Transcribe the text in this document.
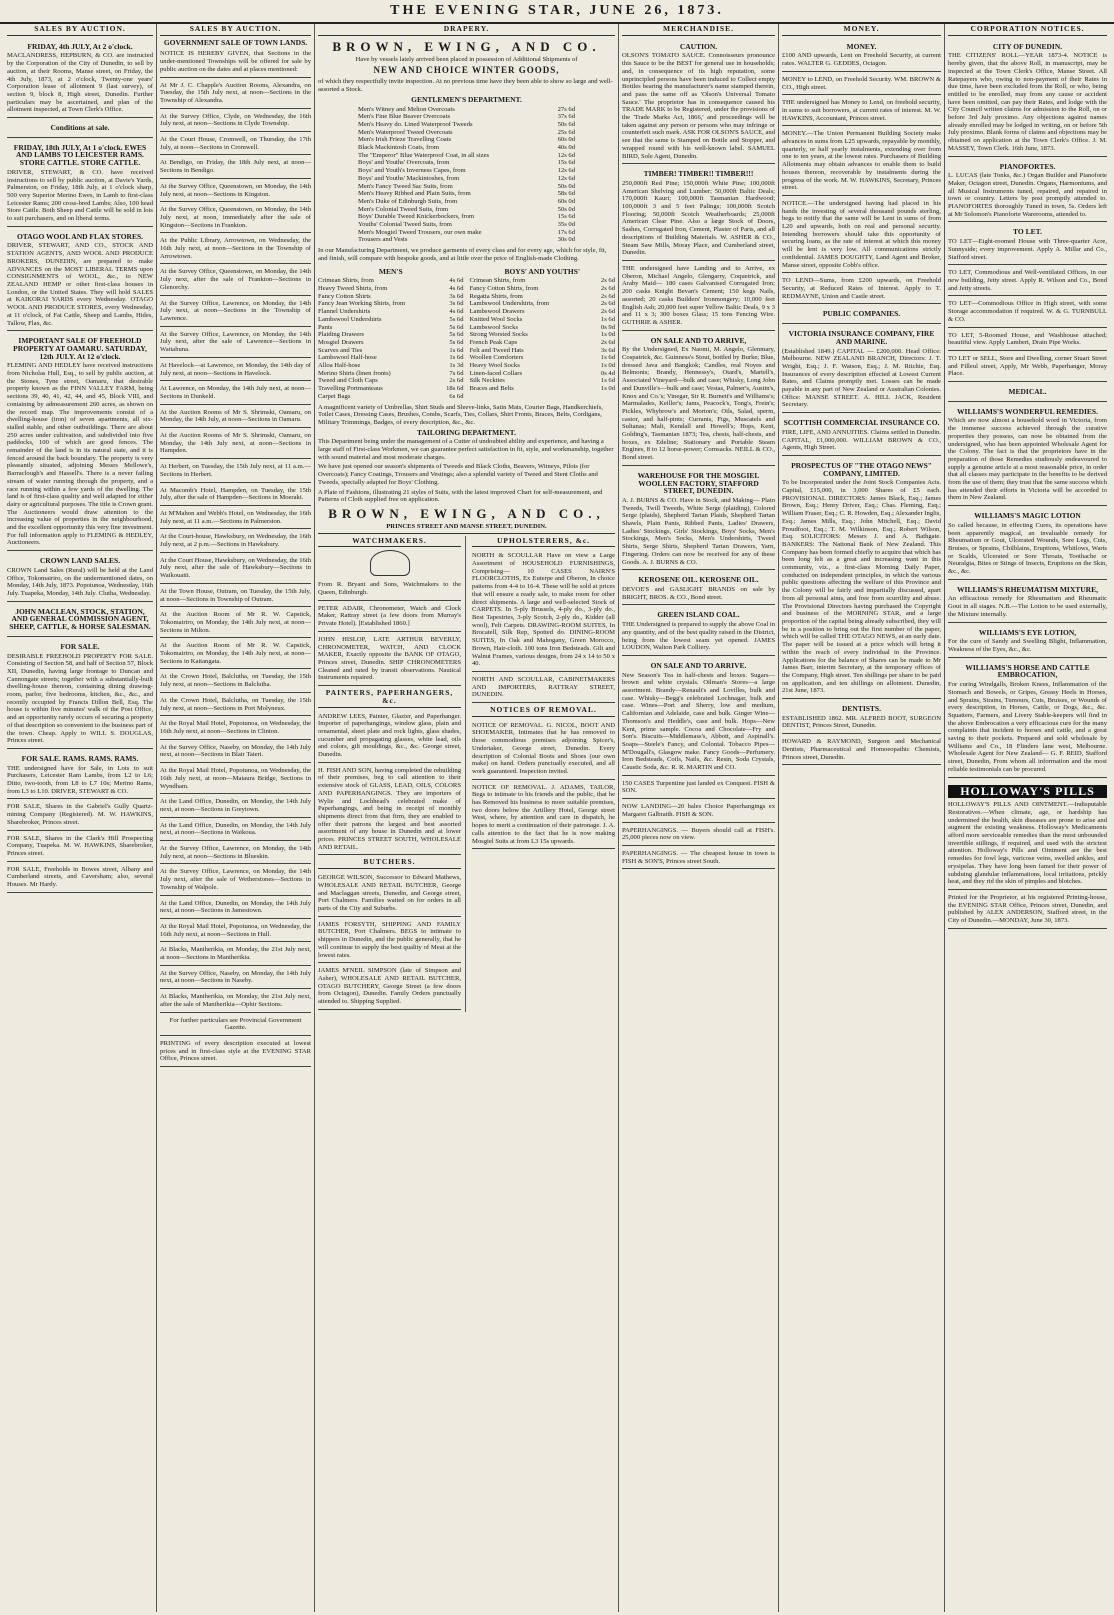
THE EVENING STAR, JUNE 26, 1873.
SALES BY AUCTION.
FRIDAY, 4th JULY, At 2 o'clock.
MACLANDRESS, HEPBURN, & CO. are instructed by the Corporation of the City of Dunedin, to sell by auction, at their Rooms, Manse street, on Friday, the 4th July, 1873, at 2 o'clock, Twenty-one years' Corporation lease of allotment 9 (last survey), of section 9, block 8, High street, Dunedin. Further particulars may be ascertained, and plan of the allotment inspected, at Town Clerk's Office.
Conditions at sale.
FRIDAY, 18th JULY, At 1 o'clock. EWES AND LAMBS TO LEICESTER RAMS. STORE CATTLE. STORE CATTLE.
DRIVER, STEWART, & CO. have received instructions to sell by public auction, at Davie's Yards, Palmerston, on Friday, 18th July, at 1 o'clock sharp, 500 very Superior Merino Ewes, in Lamb to first-class Leicester Rams; 200 cross-bred Lambs; Also, 100 head Store Cattle. Both Sheep and Cattle will be sold in lots to suit purchasers, and on liberal terms.
OTAGO WOOL AND FLAX STORES.
DRIVER, STEWART, AND CO., STOCK AND STATION AGENTS, AND WOOL AND PRODUCE BROKERS, DUNEDIN, are prepared to make ADVANCES on the MOST LIBERAL TERMS upon CONSIGNMENTS of WOOL, &c., to NEW ZEALAND HEMP or other first-class houses in London, or the United States. They will hold SALES at KAIKORAI YARDS every Wednesday. OTAGO WOOL AND PRODUCE STORES, every Wednesday, at 11 o'clock, of Fat Cattle, Sheep and Lambs, Hides, Tallow, Flax, &c.
IMPORTANT SALE OF FREEHOLD PROPERTY AT OAMARU. SATURDAY, 12th JULY. At 12 o'clock.
FLEMING AND HEDLEY have received instructions from Nicholas Hull, Esq., to sell by public auction, at the Stones, Tyne street, Oamaru, that desirable property known as the FINN VALLEY FARM, being sections 39, 40, 41, 42, 44, and 45, Block VIII, and containing by admeasurement 260 acres, as shown on the record map. The improvements consist of a dwelling-house (iron) of seven apartments, all six-stalled stable, and other outbuildings. There are about 250 acres under cultivation, and subdivided into five paddocks, 100 of which are good fences. The remainder of the land is in its natural state, and it is fenced around the back boundary. The property is very pleasantly situated, adjoining Messrs Mellowe's, Barraclough's and Hassell's. There is a never failing stream of water running through the property, and a race running within a few yards of the dwelling. The land is of first-class quality and well adapted for either dairy or agricultural purposes. The title is Crown grant. The Auctioneers would draw attention to the increasing value of properties in the neighbourhood, and the excellent opportunity this very fine investment. For full information apply to FLEMING & HEDLEY, Auctioneers.
CROWN LAND SALES.
CROWN Land Sales (Rural) will be held at the Land Office, Tokomairiro, on the undermentioned dates, on Monday, 14th July, 1873. Popotunoa, Wednesday, 16th July. Tuapeka, Monday, 14th July. Clutha, Wednesday.
JOHN MACLEAN, STOCK, STATION, AND GENERAL COMMISSION AGENT, SHEEP, CATTLE, & HORSE SALESMAN.
FOR SALE.
DESIRABLE FREEHOLD PROPERTY FOR SALE. Consisting of Section 58, and half of Section 57, Block XII, Dunedin, having large frontage to Duncan and Cannongate streets; together with a substantially-built dwelling-house thereon, containing dining drawing-room, parlor, five bedrooms, kitchen, &c., &c., and recently occupied by Francis Dillon Bell, Esq. The house is within five minutes' walk of the Post Office, and an opportunity rarely occurs of securing a property of that description so convenient to the business part of the town. Cheap. Apply to WILL S. DOUGLAS, Princes street.
FOR SALE. RAMS. RAMS. RAMS.
THE undersigned have for Sale, in Lots to suit Purchasers, Leicester Ram Lambs, from L2 to L6; Ditto, two-tooth, from L8 to L7 10s; Merino Rams, from L3 to L10. DRIVER, STEWART & CO.
FOR SALE, Shares in the Gabriel's Gully Quartz-mining Company (Registered). M. W. HAWKINS, Sharebroker, Princes street.
FOR SALE, Shares in the Clark's Hill Prospecting Company, Tuapeka. M. W. HAWKINS, Sharebroker, Princes street.
FOR SALE, Freeholds in Bowes street, Albany and Cumberland streets, and Caversham; also, several Houses. Mr Hardy.
SALES BY AUCTION.
GOVERNMENT SALE OF TOWN LANDS.
NOTICE IS HEREBY GIVEN, that Sections in the under-mentioned Townships will be offered for sale by public auction on the dates and at places mentioned:
At Mr J. C. Chapple's Auction Rooms, Alexandra, on Tuesday, the 15th July next, at noon—Sections in the Township of Alexandra.
At the Survey Office, Clyde, on Wednesday, the 16th July next, at noon—Sections in Clyde Township.
At the Court House, Cromwell, on Thursday, the 17th July, at noon—Sections in Cromwell.
At Bendigo, on Friday, the 18th July next, at noon—Sections in Bendigo.
At the Survey Office, Queenstown, on Monday, the 14th July next, at noon—Sections in Kingston.
At the Survey Office, Queenstown, on Monday, the 14th July next, at noon, immediately after the sale of Kingston—Sections in Frankton.
At the Public Library, Arrowtown, on Wednesday, the 16th July next, at noon—Sections in the Township of Arrowtown.
At the Survey Office, Queenstown, on Monday, the 14th July next, after the sale of Frankton—Sections in Glenorchy.
At the Survey Office, Lawrence, on Monday, the 14th July next, at noon—Sections in the Township of Lawrence.
At the Survey Office, Lawrence, on Monday, the 14th July next, after the sale of Lawrence—Sections in Waitahuna.
At Havelock—at Lawrence, on Monday, the 14th day of July next, at noon—Sections in Havelock.
At Lawrence, on Monday, the 14th July next, at noon—Sections in Dunkeld.
At the Auction Rooms of Mr S. Shrimski, Oamaru, on Monday, the 14th July, at noon—Sections in Oamaru.
At the Auction Rooms of Mr S. Shrimski, Oamaru, on Monday, the 14th July next, at noon—Sections in Hampden.
At Herbert, on Tuesday, the 15th July next, at 11 a.m.—Sections in Herbert.
At Macomb's Hotel, Hampden, on Tuesday, the 15th July, after the sale of Hampden—Sections in Moeraki.
At M'Mahon and Webb's Hotel, on Wednesday, the 16th July next, at 11 a.m.—Sections in Palmerston.
At the Court-house, Hawksbury, on Wednesday, the 16th July next, at 2 p.m.—Sections in Hawksbury.
At the Court House, Hawksbury, on Wednesday, the 16th July next, after the sale of Hawksbury—Sections in Waikouaiti.
At the Town House, Outram, on Tuesday, the 15th July, at noon—Sections in Township of Outram.
At the Auction Room of Mr R. W. Capstick, Tokomairiro, on Monday, the 14th July next, at noon—Sections in Milton.
At the Auction Room of Mr R. W. Capstick, Tokomairiro, on Monday, the 14th July next, at noon—Sections in Kaitangata.
At the Crown Hotel, Balclutha, on Tuesday, the 15th July next, at noon—Sections in Balclutha.
At the Crown Hotel, Balclutha, on Tuesday, the 15th July next, at noon—Sections in Port Molyneux.
At the Royal Mail Hotel, Popotunoa, on Wednesday, the 16th July next, at noon—Sections in Clinton.
At the Survey Office, Naseby, on Monday, the 14th July next, at noon—Sections in Blair Taieri.
At the Royal Mail Hotel, Popotunoa, on Wednesday, the 16th July next, at noon—Mataura Bridge, Sections in Wyndham.
At the Land Office, Dunedin, on Monday, the 14th July next, at noon—Sections in Greytown.
At the Land Office, Dunedin, on Monday, the 14th July next, at noon—Sections in Waikoua.
At the Survey Office, Lawrence, on Monday, the 14th July next, at noon—Sections in Blueskin.
At the Survey Office, Lawrence, on Monday, the 14th July next, after the sale of Wetherstones—Sections in Township of Walpole.
At the Land Office, Dunedin, on Monday, the 14th July next, at noon—Sections in Jamestown.
At the Royal Mail Hotel, Popotunoa, on Wednesday, the 16th July next, at noon—Sections in Hull.
At Blacks, Maniherikia, on Monday, the 21st July next, at noon—Sections in Maniherikia.
At the Survey Office, Naseby, on Monday, the 14th July next, at noon—Sections in Naseby.
At Blacks, Maniherikia, on Monday, the 21st July next, after the sale of Maniherikia—Ophir Sections.
For further particulars see Provincial Government Gazette.
PRINTING of every description executed at lowest prices and in first-class style at the EVENING STAR Office, Princes street.
DRAPERY.
BROWN, EWING, AND CO.
Have by vessels lately arrived been placed in possession of Additional Shipments of
NEW AND CHOICE WINTER GOODS,
of which they respectfully invite inspection. At no previous time have they been able to show so large and well-assorted a Stock.
GENTLEMEN'S DEPARTMENT.
Men's Witney and Melton Overcoats	27s 6d
Men's Fine Blue Beaver Overcoats	37s 6d
Men's Heavy do. Lined Waterproof Tweeds	50s 6d
Men's Waterproof Tweed Overcoats	25s 6d
Men's Irish Frieze Travelling Coats	60s 0d
Black Mackintosh Coats, from	40s 0d
The "Emperor" Blue Waterproof Coat, in all sizes	12s 6d
Boys' and Youths' Overcoats, from	15s 6d
Boys' and Youth's Inverness Capes, from	12s 6d
Boys' and Youths' Mackintoshes, from	12s 6d
Men's Fancy Tweed Sac Suits, from	50s 0d
Men's Heavy Ribbed and Plain Suits, from	58s 6d
Men's Duke of Edinburgh Suits, from	60s 0d
Men's Colonial Tweed Suits, from	50s 0d
Boys' Durable Tweed Knickerbockers, from	15s 6d
Youths' Colonial Tweed Suits, from	35s 0d
Men's Mosgiel Tweed Trousers, our own make	17s 6d
Trousers and Vests	30s 0d
In our Manufacturing Department, we produce garments of every class and for every age, which for style, fit, and finish, will compare with bespoke goods, and at little over the price of English-made Clothing.
MEN'S
Crimean Shirts, from	4s 6d
Heavy Tweed Shirts, from	4s 6d
Fancy Cotton Shirts	3s 6d
Fancy Jean Working Shirts, from	3s 6d
Flannel Undershirts	4s 6d
Lambswool Undershirts	5s 6d
Pants	5s 6d
Plaiding Drawers	5s 6d
Mosgiel Drawers	5s 6d
Scarves and Ties	1s 6d
Lambswool Half-hose	1s 6d
Alloa Half-hose	1s 3d
Merino Shirts (linen fronts)	7s 6d
Tweed and Cloth Caps	2s 6d
Travelling Portmanteaus	18s 6d
Carpet Bags	6s 6d
BOYS' AND YOUTHS'
Crimean Shirts, from	2s 6d
Fancy Cotton Shirts, from	2s 6d
Regatta Shirts, from	2s 6d
Lambswool Undershirts, from	2s 6d
Lambswool Drawers	2s 6d
Knitted Wool Socks	1s 6d
Lambswool Socks	0s 9d
Strong Worsted Socks	1s 0d
French Peak Caps	2s 6d
Felt and Tweed Hats	3s 6d
Woollen Comforters	1s 6d
Heavy Wool Socks	1s 0d
Linen-faced Collars	0s 4d
Silk Neckties	1s 6d
Braces and Belts	1s 0d
A magnificent variety of Umbrellas, Shirt Studs and Sleeve-links, Satin Mats, Courier Bags, Handkerchiefs, Toilet Cases, Dressing Cases, Brushes, Combs, Scarfs, Ties, Collars, Shirt Fronts, Braces, Belts, Cordigans, Military Trimmings, Badges, of every description, &c., &c.
TAILORING DEPARTMENT.
This Department being under the management of a Cutter of undoubted ability and experience, and having a large staff of First-class Workmen, we can guarantee perfect satisfaction in fit, style, and workmanship, together with sound material and most moderate charges.
We have just opened our season's shipments of Tweeds and Black Cloths, Beavers, Witneys, Pilots (for Overcoats); Fancy Coatings, Trousers and Vestings; also a splendid variety of Tweed and Stent Cloths and Tweeds, specially adapted for Boys' Clothing.
A Plate of Fashions, illustrating 21 styles of Suits, with the latest improved Chart for self-measurement, and Patterns of Cloth supplied free on application.
BROWN, EWING, AND CO.,
PRINCES STREET AND MANSE STREET, DUNEDIN.
WATCHMAKERS.
From R. Bryant and Sons, Watchmakers to the Queen, Edinburgh.
PETER ADAIR, Chronometer, Watch and Clock Maker, Rattray street (a few doors from Murray's Private Hotel). [Established 1860.]
JOHN HISLOP, LATE ARTHUR BEVERLY, CHRONOMETER, WATCH, AND CLOCK MAKER, Exactly opposite the BANK OF OTAGO, Princes street, Dunedin. SHIP CHRONOMETERS Cleaned and rated by transit observations. Nautical Instruments repaired.
PAINTERS, PAPERHANGERS, &c.
ANDREW LEES, Painter, Glazier, and Paperhanger. Importer of paperhangings, window glass, plain and ornamental, sheet plate and rock lights, glass shades, cucumber and propagating glasses, white lead, oils and colors, gilt mouldings, &c., &c. George street, Dunedin.
H. FISH AND SON, having completed the rebuilding of their premises, beg to call attention to their extensive stock of GLASS, LEAD, OILS, COLORS AND PAPERHANGINGS. They are importers of Wylie and Lochhead's celebrated make of Paperhangings, and being in receipt of monthly shipments direct from that firm, they are enabled to offer their patrons the largest and best assorted assortment of any house in Dunedin and at lower prices. PRINCES STREET SOUTH, WHOLESALE AND RETAIL.
BUTCHERS.
GEORGE WILSON, Successor to Edward Mathews, WHOLESALE AND RETAIL BUTCHER, George and Maclaggan streets, Dunedin, and George street, Port Chalmers. Families waited on for orders in all parts of the City and Suburbs.
JAMES FORSYTH, SHIPPING AND FAMILY BUTCHER, Port Chalmers. BEGS to intimate to shippers in Dunedin, and the public generally, that he will continue to supply the best quality of Meat at the lowest rates.
JAMES M'NEIL SIMPSON (late of Simpson and Asher), WHOLESALE AND RETAIL BUTCHER, OTAGO BUTCHERY, George Street (a few doors from Octagon), Dunedin. Family Orders punctually attended to. Shipping Supplied.
UPHOLSTERERS, &c.
NORTH & SCOULLAR Have on view a Large Assortment of HOUSEHOLD FURNISHINGS, Comprising— 10 CASES NAIRN'S FLOORCLOTHS, Ex Euterpe and Oberon, In choice patterns from 4-4 to 16-4. These will be sold at prices that will ensure a ready sale, to make room for other direct shipments. A large and well-selected Stock of CARPETS. In 5-ply Brussels, 4-ply do., 3-ply do., Best Tapestries, 3-ply Scotch, 2-ply do., Kidder (all wool), Felt Carpets. DRAWING-ROOM SUITES, In Brocatell, Silk Rep, Spotted do. DINING-ROOM SUITES, In Oak and Mahogany, Green Morocco, Brown, Hair-cloth. 100 tons Iron Bedsteads. Gilt and Walnut Frames, various designs, from 24 x 14 to 50 x 40.
NORTH AND SCOULLAR, CABINETMAKERS AND IMPORTERS, RATTRAY STREET, DUNEDIN.
NOTICES OF REMOVAL.
NOTICE OF REMOVAL. G. NICOL, BOOT AND SHOEMAKER, Intimates that he has removed to those commodious premises adjoining Spicer's, Undertaker, George street, Dunedin. Every description of Colonial Boots and Shoes (our own make) on hand. Orders punctually executed, and all work guaranteed. Inspection invited.
NOTICE OF REMOVAL. J. ADAMS, TAILOR, Begs to intimate to his friends and the public, that he has Removed his business to more suitable premises, two doors below the Artillery Hotel, George street West, where, by attention and care in dispatch, he hopes to merit a continuation of their patronage. J. A. calls attention to the fact that he is now making Mosgiel Suits at from L3 15s upwards.
MERCHANDISE.
CAUTION.
OLSON'S TOMATO SAUCE. Connoisseurs pronounce this Sauce to be the BEST for general use in households; and, in consequence of its high reputation, some unprincipled persons have been induced to Collect empty Bottles bearing the manufacturer's name stamped therein, and pass the same off as 'Olson's Universal Tomato Sauce.' The proprietor has in consequence caused his TRADE MARK to be Registered, under the provisions of the 'Trade Marks Act, 1866,' and proceedings will be taken against any person or persons who may infringe or counterfeit such mark. ASK FOR OLSON'S SAUCE, and see that the same is Stamped on Bottle and Stopper, and wrapped round with his well-known label. SAMUEL BIRD, Sole Agent, Dunedin.
TIMBER! TIMBER!! TIMBER!!!
250,000ft Red Pine; 150,000ft White Pine; 100,000ft American Shelving and Lumber; 50,000ft Baltic Deals; 170,000ft Kauri; 100,000ft Tasmanian Hardwood; 100,000ft 3 and 5 feet Palings; 100,000ft Scotch Flooring; 50,000ft Scotch Weatherboards; 25,000ft American Clear Pine. Also a large Stock of Doors, Sashes, Corrugated Iron, Cement, Plaster of Paris, and all descriptions of Building Materials. W. ASHER & CO., Steam Saw Mills, Moray Place, and Cumberland street, Dunedin.
THE undersigned have Landing and to Arrive, ex Oberon, Michael Angelo, Glengarry, Coquetrick, and Araby Maid— 180 cases Galvanised Corrugated Iron; 200 casks Knight Bevan's Cement; 150 kegs Nails, assorted; 20 casks Builders' Ironmongery; 10,000 feet English Ash; 20,000 feet super Yellow Baltic Deals, 9 x 3 and 11 x 3; 300 boxes Glass; 15 tons Fencing Wire. GUTHRIE & ASHER.
ON SALE AND TO ARRIVE,
By the Undersigned, Ex Naomi, M. Angelo, Glenmary, Cospatrick, &c. Guinness's Stout, bottled by Burke; Blue, dressed Java and Bangkok; Candles, real Noyes and Belmonts; Brandy, Hennessy's, Otard's, Martell's, Associated Vineyard—bulk and case; Whisky, Long John and Dunville's—bulk and case; Vestas, Palmer's, Austin's, Knox and Co.'s; Vinegar, Sir R. Burnett's and Williams's; Marmalades, Keiller's; Jams, Peacock's, Tong's, Frein's; Pickles, Whybrow's and Morton's; Oils, Salad, sperm, castor, and half-pints; Currants, Figs, Muscatels and Sultanas; Malt, Kendall and Howell's; Hops, Kent, Golding's, Tasmanian 1873; Tea, chests, half-chests, and boxes, ex Edeline; Stationary and Portable Steam Engines, 8 to 12 horse-power; Cornsacks. NEILL & CO., Bond street.
WAREHOUSE FOR THE MOSGIEL WOOLLEN FACTORY, STAFFORD STREET, DUNEDIN.
A. J. BURNS & CO. Have in Stock, and Making— Plain Tweeds, Twill Tweeds, White Serge (plaiding), Colored Serge (plaids), Shepherd Tartan Plaids, Shepherd Tartan Shawls, Plain Pants, Ribbed Pants, Ladies' Drawers, Ladies' Stockings, Girls' Stockings, Boys' Socks, Men's Stockings, Men's Socks, Men's Undershirts, Tweed Shirts, Serge Shirts, Shepherd Tartan Drawers, Yarn, Fingering. Orders can now be received for any of these Goods. A. J. BURNS & CO.
KEROSENE OIL. KEROSENE OIL.
DEVOE'S and GASLIGHT BRANDS on sale by BRIGHT, BROS. & CO., Bond street.
GREEN ISLAND COAL.
THE Undersigned is prepared to supply the above Coal in any quantity, and of the best quality raised in the District, being from the lowest seam yet opened. JAMES LOUDON, Walton Park Colliery.
ON SALE AND TO ARRIVE.
New Season's Tea in half-chests and boxes. Sugars—brown and white crystals. Oilman's Stores—a large assortment. Brandy—Renault's and Lovilles, bulk and case. Whisky—Begg's celebrated Lochnagar, bulk and case. Wines—Port and Sherry, low and medium, Californian and Adelaide, case and bulk. Ginger Wine—Thomson's and Heddle's, case and bulk. Hops—New Kent, prime sample. Cocoa and Chocolate—Fry and Son's. Biscuits—Middlemass's, Abbott, and Aspinall's. Soaps—Steele's Fancy, and Colonial. Tobacco Pipes—M'Dougall's, Glasgow make. Fancy Goods—Perfumery. Iron Bedsteads, Coils, Nails, &c. Resin, Soda Crystals, Caustic Soda, &c. R. R. MARTIN and CO.
150 CASES Turpentine just landed ex Conquest. FISH & SON.
NOW LANDING—20 bales Choice Paperhangings ex Margaret Galbraith. FISH & SON.
PAPERHANGINGS. — Buyers should call at FISH's. 25,000 pieces now on view.
PAPERHANGINGS. — The cheapest house in town is FISH & SON'S, Princes street South.
MONEY.
MONEY.
£100 AND upwards, Lent on Freehold Security, at current rates. WALTER G. GEDDES, Octagon.
MONEY to LEND, on Freehold Security. WM. BROWN & CO., High street.
THE undersigned has Money to Lend, on freehold security, in sums to suit borrowers, at current rates of interest. M. W. HAWKINS, Accountant, Princes street.
MONEY.—The Union Permanent Building Society make advances in sums from L25 upwards, repayable by monthly, quarterly, or half yearly instalments, extending over from one to ten years, at the lowest rates. Purchasers of Building Allotments may obtain advances to enable them to build houses thereon, recoverable by instalments during the progress of the work. M. W. HAWKINS, Secretary, Princes street.
NOTICE.—The undersigned having had placed in his hands the investing of several thousand pounds sterling, begs to notify that the same will be Lent in sums of from L20 and upwards, both on real and personal security. Intending borrowers should take this opportunity of securing loans, as the rate of interest at which this money will be lent is very low. All communications strictly confidential. JAMES DOUGHTY, Land Agent and Broker, Manse street, opposite Cobb's office.
TO LEND—Sums, from £200 upwards, on Freehold Security, at Reduced Rates of Interest. Apply to T. REDMAYNE, Union and Castle street.
PUBLIC COMPANIES.
VICTORIA INSURANCE COMPANY, FIRE AND MARINE.
(Established 1849.) CAPITAL — £200,000. Head Office: Melbourne. NEW ZEALAND BRANCH, Directors: J. T. Wright, Esq.; J. F. Watson, Esq.; J. M. Ritchie, Esq. Insurances of every description effected at Lowest Current Rates, and Claims promptly met. Losses can be made payable in any part of New Zealand or Australian Colonies. Office: MANSE STREET. A. HILL JACK, Resident Secretary.
SCOTTISH COMMERCIAL INSURANCE CO.
FIRE, LIFE, AND ANNUITIES. Claims settled in Dunedin. CAPITAL, £1,000,000. WILLIAM BROWN & CO., Agents, High Street.
PROSPECTUS OF "THE OTAGO NEWS" COMPANY, LIMITED.
To be Incorporated under the Joint Stock Companies Acts. Capital, £15,000, in 3,000 Shares of £5 each. PROVISIONAL DIRECTORS: James Black, Esq.; James Brown, Esq.; Henry Driver, Esq.; Chas. Fleming, Esq.; William Fraser, Esq.; C. R. Howden, Esq.; Alexander Inglis, Esq.; James Mills, Esq.; John Mitchell, Esq.; David Proudfoot, Esq.; T. M. Wilkinson, Esq.; Robert Wilson, Esq. SOLICITORS: Messrs J. and A. Bathgate. BANKERS: The National Bank of New Zealand. This Company has been formed chiefly to acquire that which has been long felt as a great and increasing want in this community, viz., a first-class Morning Daily Paper, conducted on independent principles, in which the various public questions affecting the welfare of this Province and the Colony will be fairly and impartially discussed, apart from all personal aims, and free from scurrility and abuse. The Provisional Directors having purchased the Copyright and business of the MORNING STAR, and a large proportion of the capital being already subscribed, they will be in a position to bring out the first number of the paper, which will be called THE OTAGO NEWS, at an early date. The paper will be issued at a price which will bring it within the reach of every individual in the Province. Applications for the balance of Shares can be made to Mr James Barr, interim Secretary, at the temporary offices of the Company, High street. Ten shillings per share to be paid on application, and ten shillings on allotment. Dunedin, 21st June, 1873.
DENTISTS.
ESTABLISHED 1862. MR. ALFRED BOOT, SURGEON DENTIST, Princes Street, Dunedin.
HOWARD & RAYMOND, Surgeon and Mechanical Dentists, Pharmaceutical and Homoeopathic Chemists, Princes street, Dunedin.
CORPORATION NOTICES.
CITY OF DUNEDIN.
THE CITIZENS' ROLL—YEAR 1873-4. NOTICE is hereby given, that the above Roll, in manuscript, may be inspected at the Town Clerk's Office, Manse Street. All Ratepayers who, owing to non-payment of their Rates in due time, have been excluded from the Roll, or who, being entitled to be enrolled, may from any cause or accident have been omitted, can pay their Rates, and lodge with the City Council written claims for admission to the Roll, on or before 3rd July proximo. Any objections against names already enrolled may be lodged in writing, on or before 5th July proximo. Blank forms of claims and objections may be obtained on application at the Town Clerk's Office. J. M. MASSEY, Town Clerk. 16th June, 1873.
PIANOFORTES.
L. LUCAS (late Tonks, &c.) Organ Builder and Pianoforte Maker, Octagon street, Dunedin. Organs, Harmoniums, and all Musical Instruments tuned, repaired, and repaired in town or country. Letters by post promptly attended to. PIANOFORTES thoroughly Tuned in town, 5s. Orders left at Mr Solomon's Pianoforte Warerooms, attended to.
TO LET.
TO LET—Eight-roomed House with Three-quarter Acre, Sunnyside; every improvement. Apply A. Millar and Co., Stafford street.
TO LET, Commodious and Well-ventilated Offices, in our new building, Jetty street. Apply R. Wilson and Co., Bond and Jetty streets.
TO LET—Commodious Office in High street, with some Storage accommodation if required. W. & G. TURNBULL & CO.
TO LET, 5-Roomed House, and Washhouse attached; beautiful view. Apply Lambert, Drain Pipe Works.
TO LET or SELL, Store and Dwelling, corner Stuart Street and Filleul street, Apply, Mr Webb, Paperhanger, Moray Place.
MEDICAL.
WILLIAMS'S WONDERFUL REMEDIES.
Which are now almost a household word in Victoria, from the immense success achieved through the curative properties they possess, can now be obtained from the undersigned, who has been appointed Wholesale Agent for the Colony. The fact is that the proprietors have in the preparation of those Remedies studiously endeavoured to supply a genuine article at a most reasonable price, in order that all classes may participate in the benefits to be derived from the use of them; they trust that the same success which has attended their efforts in Victoria will be accorded to them in New Zealand.
WILLIAMS'S MAGIC LOTION
So called because, in effecting Cures, its operations have been apparently magical, an invaluable remedy for Rheumatism or Gout, Ulcerated Wounds, Sore Legs, Cuts, Bruises, or Sprains, Chilblains, Eruptions, Whitlows, Warts or Scalds, Ulcerated or Sore Throats, Toothache or Neuralgia, Bites or Stings of Insects, Eruptions on the Skin, &c., &c.
WILLIAMS'S RHEUMATISM MIXTURE,
An efficacious remedy for Rheumatism and Rheumatic Gout in all stages. N.B.—The Lotion to be used externally, the Mixture internally.
WILLIAMS'S EYE LOTION,
For the cure of Sandy and Swelling Blight, Inflammation, Weakness of the Eyes, &c., &c.
WILLIAMS'S HORSE AND CATTLE EMBROCATION,
For curing Windgalls, Broken Knees, Inflammation of the Stomach and Bowels, or Gripes, Greasy Heels in Horses, and Sprains, Strains, Tumours, Cuts, Bruises, or Wounds of every description, in Horses, Cattle, or Dogs, &c., &c. Squatters, Farmers, and Livery Stable-keepers will find in the above Embrocation a very efficacious cure for the many complaints that incident to horses and cattle, and a great saving to their pockets. Prepared and sold wholesale by Williams and Co., 18 Flinders lane west, Melbourne. Wholesale Agent for New Zealand— G. F. REID, Stafford street, Dunedin, From whom all information and the most reliable testimonials can be procured.
HOLLOWAY'S PILLS
HOLLOWAY'S PILLS AND OINTMENT.—Indisputable Restoratives.—When climate, age, or hardship has undermined the health, skin diseases are prone to arise and augment the existing weakness. Holloway's Medicaments afford more serviceable remedies than the most unbounded invertible stillings, if required, and used with the strictest attention. Holloway's Pills and Ointment are the best remedies for fowl legs, varicose veins, swelled ankles, and erysipelas. They have long been famed for their power of subduing glandular inflammations, local irritations, prickly heat, and they rid the skin of pimples and blotches.
Printed for the Proprietor, at his registered Printing-house, the EVENING STAR Office, Princes street, Dunedin, and published by ALEX ANDERSON, Stafford street, in the City of Dunedin.—MONDAY, June 30, 1873.
